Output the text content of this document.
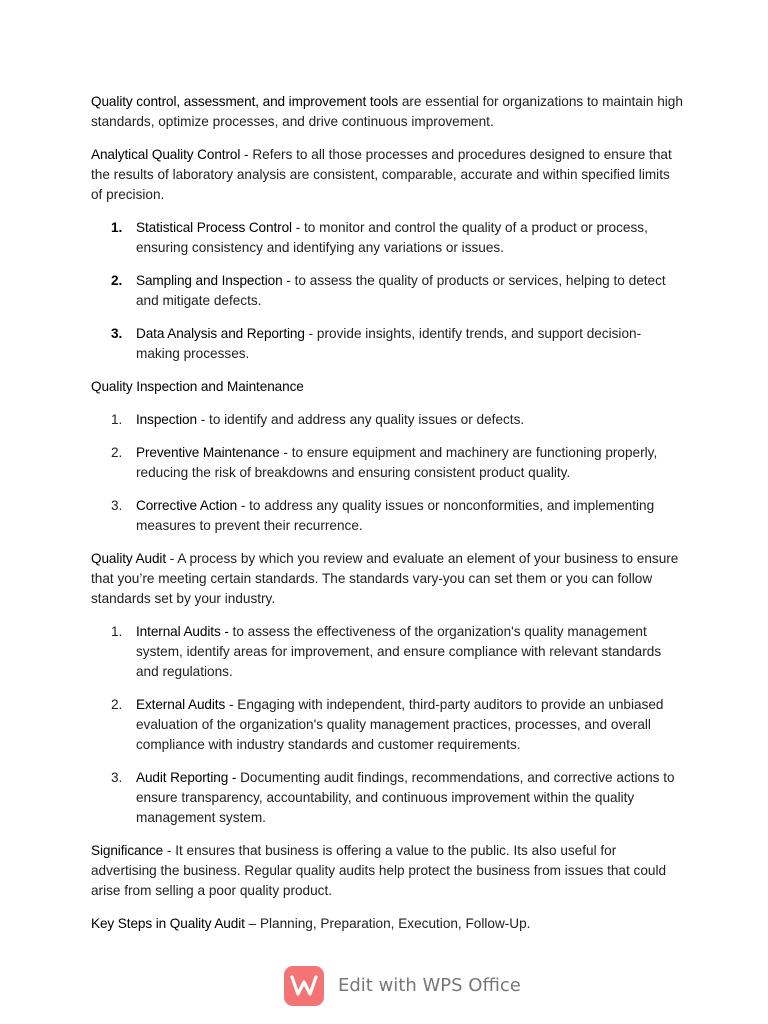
Quality control, assessment, and improvement tools are essential for organizations to maintain high standards, optimize processes, and drive continuous improvement.

Analytical Quality Control - Refers to all those processes and procedures designed to ensure that the results of laboratory analysis are consistent, comparable, accurate and within specified limits of precision.

1. Statistical Process Control - to monitor and control the quality of a product or process, ensuring consistency and identifying any variations or issues.
2. Sampling and Inspection - to assess the quality of products or services, helping to detect and mitigate defects.
3. Data Analysis and Reporting - provide insights, identify trends, and support decision-making processes.

Quality Inspection and Maintenance

1. Inspection - to identify and address any quality issues or defects.
2. Preventive Maintenance - to ensure equipment and machinery are functioning properly, reducing the risk of breakdowns and ensuring consistent product quality.
3. Corrective Action - to address any quality issues or nonconformities, and implementing measures to prevent their recurrence.

Quality Audit - A process by which you review and evaluate an element of your business to ensure that you’re meeting certain standards. The standards vary-you can set them or you can follow standards set by your industry.

1. Internal Audits - to assess the effectiveness of the organization's quality management system, identify areas for improvement, and ensure compliance with relevant standards and regulations.
2. External Audits - Engaging with independent, third-party auditors to provide an unbiased evaluation of the organization's quality management practices, processes, and overall compliance with industry standards and customer requirements.
3. Audit Reporting - Documenting audit findings, recommendations, and corrective actions to ensure transparency, accountability, and continuous improvement within the quality management system.

Significance - It ensures that business is offering a value to the public. Its also useful for advertising the business. Regular quality audits help protect the business from issues that could arise from selling a poor quality product.

Key Steps in Quality Audit – Planning, Preparation, Execution, Follow-Up.

Edit with WPS Office
